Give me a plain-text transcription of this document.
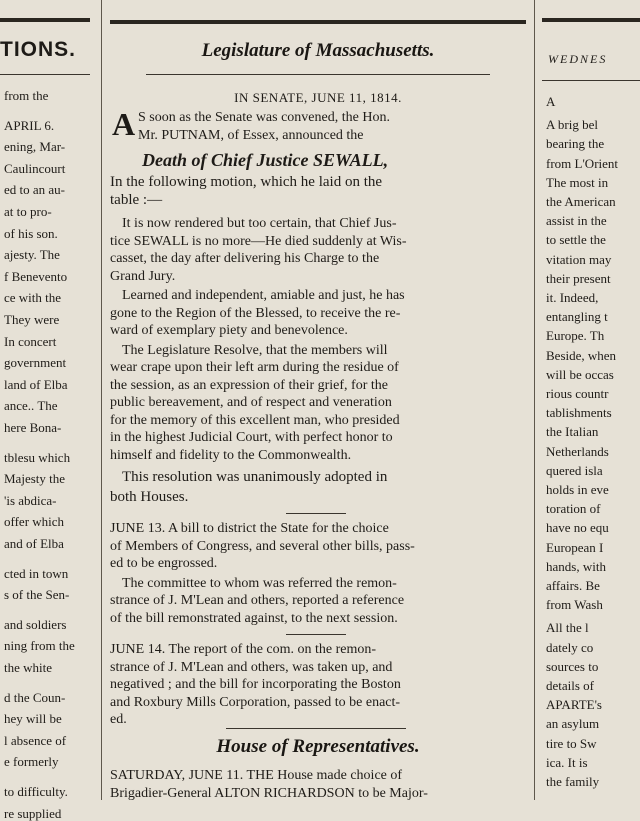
TIONS.
from the
APRIL 6.
ening, Mar-
Caulincourt
ed to an au-
at to pro-
of his son.
ajesty. The
f Benevento
ce with the
They were
In concert
government
land of Elba
ance.. The
here Bona-
tblesu which
Majesty the
'is abdica-
offer which
and of Elba
cted in town
s of the Sen-
and soldiers
ning from the
the white
d the Coun-
hey will be
l absence of
e formerly
to difficulty.
re supplied
Legislature of Massachusetts.
IN SENATE, JUNE 11, 1814.
A S soon as the Senate was convened, the Hon.
Mr. PUTNAM, of Essex, announced the
Death of Chief Justice SEWALL,
In the following motion, which he laid on the
table :—
It is now rendered but too certain, that Chief Jus-
tice SEWALL is no more—He died suddenly at Wis-
casset, the day after delivering his Charge to the
Grand Jury.
Learned and independent, amiable and just, he has
gone to the Region of the Blessed, to receive the re-
ward of exemplary piety and benevolence.
The Legislature Resolve, that the members will
wear crape upon their left arm during the residue of
the session, as an expression of their grief, for the
public bereavement, and of respect and veneration
for the memory of this excellent man, who presided
in the highest Judicial Court, with perfect honor to
himself and fidelity to the Commonwealth.
This resolution was unanimously adopted in
both Houses.
JUNE 13. A bill to district the State for the choice
of Members of Congress, and several other bills, pass-
ed to be engrossed.
The committee to whom was referred the remon-
strance of J. M'Lean and others, reported a reference
of the bill remonstrated against, to the next session.
JUNE 14. The report of the com. on the remon-
strance of J. M'Lean and others, was taken up, and
negatived ; and the bill for incorporating the Boston
and Roxbury Mills Corporation, passed to be enact-
ed.
House of Representatives.
SATURDAY, JUNE 11. THE House made choice of
Brigadier-General ALTON RICHARDSON to be Major-
WEDNES
A
A brig bel
bearing the
from L'Orient
The most in
the American
assist in the
to settle the
vitation may
their present
it. Indeed,
entangling t
Europe. Th
Beside, when
will be occas
rious countr
tablishments
the Italian
Netherlands
quered isla
holds in eve
toration of
have no equ
European I
hands, with
affairs. Be
from Wash
All the l
dately co
sources to
details of
APARTE's
an asylum
tire to Sw
ica. It is
the family
